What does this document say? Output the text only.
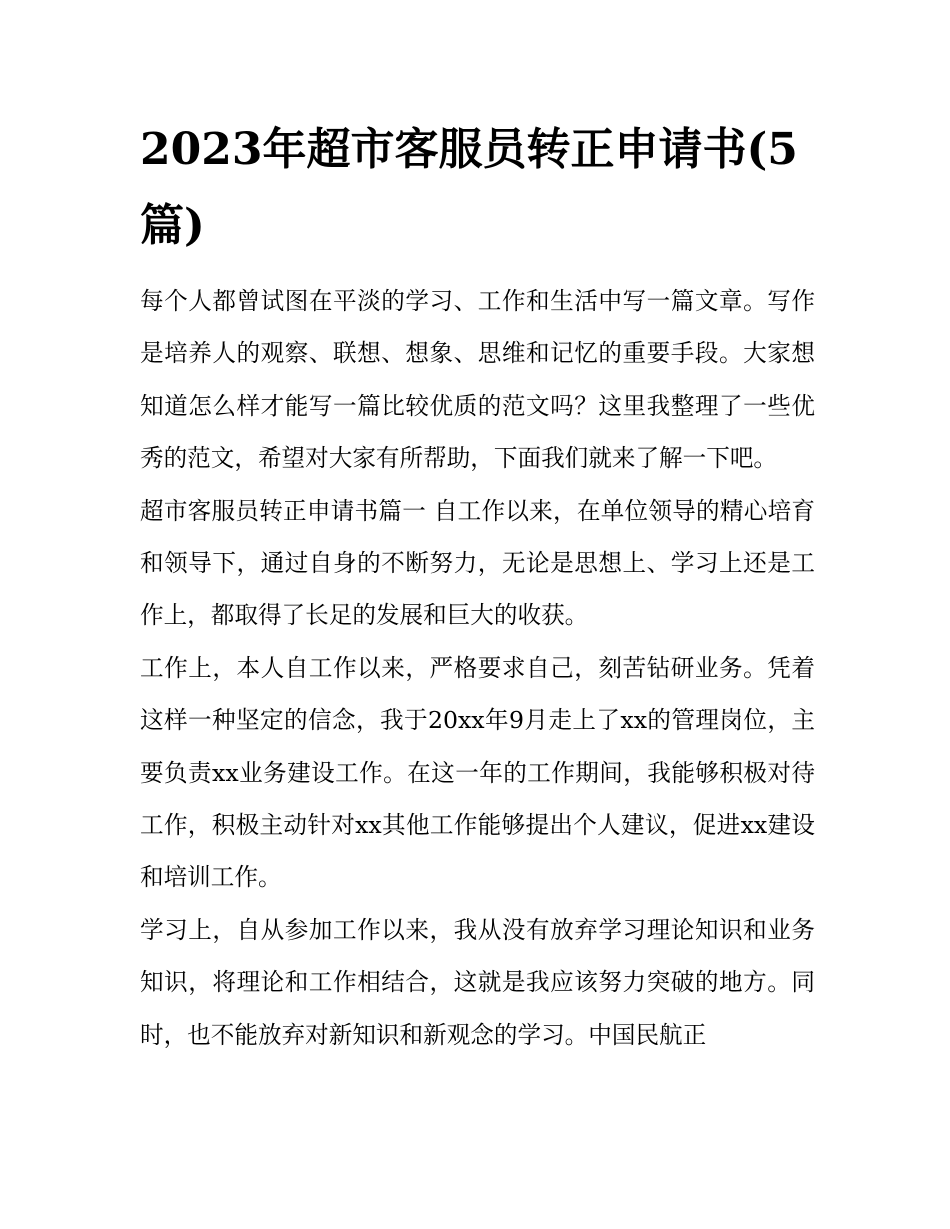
2023年超市客服员转正申请书(5篇)

每个人都曾试图在平淡的学习、工作和生活中写一篇文章。写作是培养人的观察、联想、想象、思维和记忆的重要手段。大家想知道怎么样才能写一篇比较优质的范文吗？这里我整理了一些优秀的范文，希望对大家有所帮助，下面我们就来了解一下吧。

超市客服员转正申请书篇一 自工作以来，在单位领导的精心培育和领导下，通过自身的不断努力，无论是思想上、学习上还是工作上，都取得了长足的发展和巨大的收获。

工作上，本人自工作以来，严格要求自己，刻苦钻研业务。凭着这样一种坚定的信念，我于20xx年9月走上了xx的管理岗位，主要负责xx业务建设工作。在这一年的工作期间，我能够积极对待工作，积极主动针对xx其他工作能够提出个人建议，促进xx建设和培训工作。

学习上，自从参加工作以来，我从没有放弃学习理论知识和业务知识，将理论和工作相结合，这就是我应该努力突破的地方。同时，也不能放弃对新知识和新观念的学习。中国民航正
